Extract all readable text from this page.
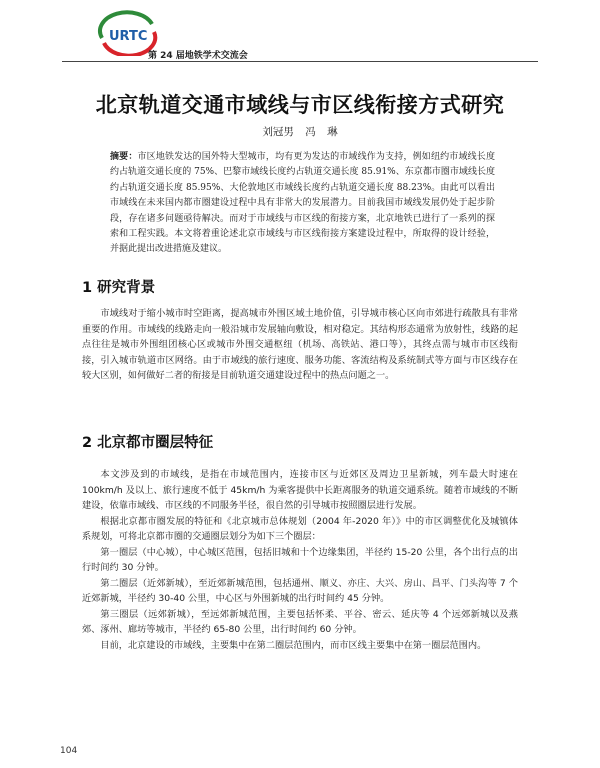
URTC
第 24 届地铁学术交流会
北京轨道交通市域线与市区线衔接方式研究
刘冠男 冯 琳
摘要：市区地铁发达的国外特大型城市，均有更为发达的市域线作为支持，例如纽约市域线长度约占轨道交通长度的 75%、巴黎市域线长度约占轨道交通长度 85.91%、东京都市圈市域线长度约占轨道交通长度 85.95%、大伦敦地区市域线长度约占轨道交通长度 88.23%。由此可以看出市域线在未来国内都市圈建设过程中具有非常大的发展潜力。目前我国市域线发展仍处于起步阶段，存在诸多问题亟待解决。而对于市域线与市区线的衔接方案，北京地铁已进行了一系列的探索和工程实践。本文将着重论述北京市域线与市区线衔接方案建设过程中，所取得的设计经验，并据此提出改进措施及建议。
1 研究背景

市域线对于缩小城市时空距离，提高城市外围区域土地价值，引导城市核心区向市郊进行疏散具有非常重要的作用。市域线的线路走向一般沿城市发展轴向敷设，相对稳定。其结构形态通常为放射性，线路的起点往往是城市外围组团核心区或城市外围交通枢纽（机场、高铁站、港口等），其终点需与城市市区线衔接，引入城市轨道市区网络。由于市域线的旅行速度、服务功能、客流结构及系统制式等方面与市区线存在较大区别，如何做好二者的衔接是目前轨道交通建设过程中的热点问题之一。

2 北京都市圈层特征

本文涉及到的市域线，是指在市域范围内，连接市区与近郊区及周边卫星新城，列车最大时速在 100km/h 及以上、旅行速度不低于 45km/h 为乘客提供中长距离服务的轨道交通系统。随着市域线的不断建设，依靠市域线、市区线的不同服务半径，很自然的引导城市按照圈层进行发展。

根据北京都市圈发展的特征和《北京城市总体规划（2004 年-2020 年）》中的市区调整优化及城镇体系规划，可将北京都市圈的交通圈层划分为如下三个圈层：

第一圈层（中心城），中心城区范围，包括旧城和十个边缘集团，半径约 15-20 公里，各个出行点的出行时间约 30 分钟。

第二圈层（近郊新城），至近郊新城范围，包括通州、顺义、亦庄、大兴、房山、昌平、门头沟等 7 个近郊新城，半径约 30-40 公里，中心区与外围新城的出行时间约 45 分钟。

第三圈层（远郊新城），至远郊新城范围，主要包括怀柔、平谷、密云、延庆等 4 个远郊新城以及燕郊、涿州、廊坊等城市，半径约 65-80 公里，出行时间约 60 分钟。

目前，北京建设的市域线，主要集中在第二圈层范围内，而市区线主要集中在第一圈层范围内。

104
